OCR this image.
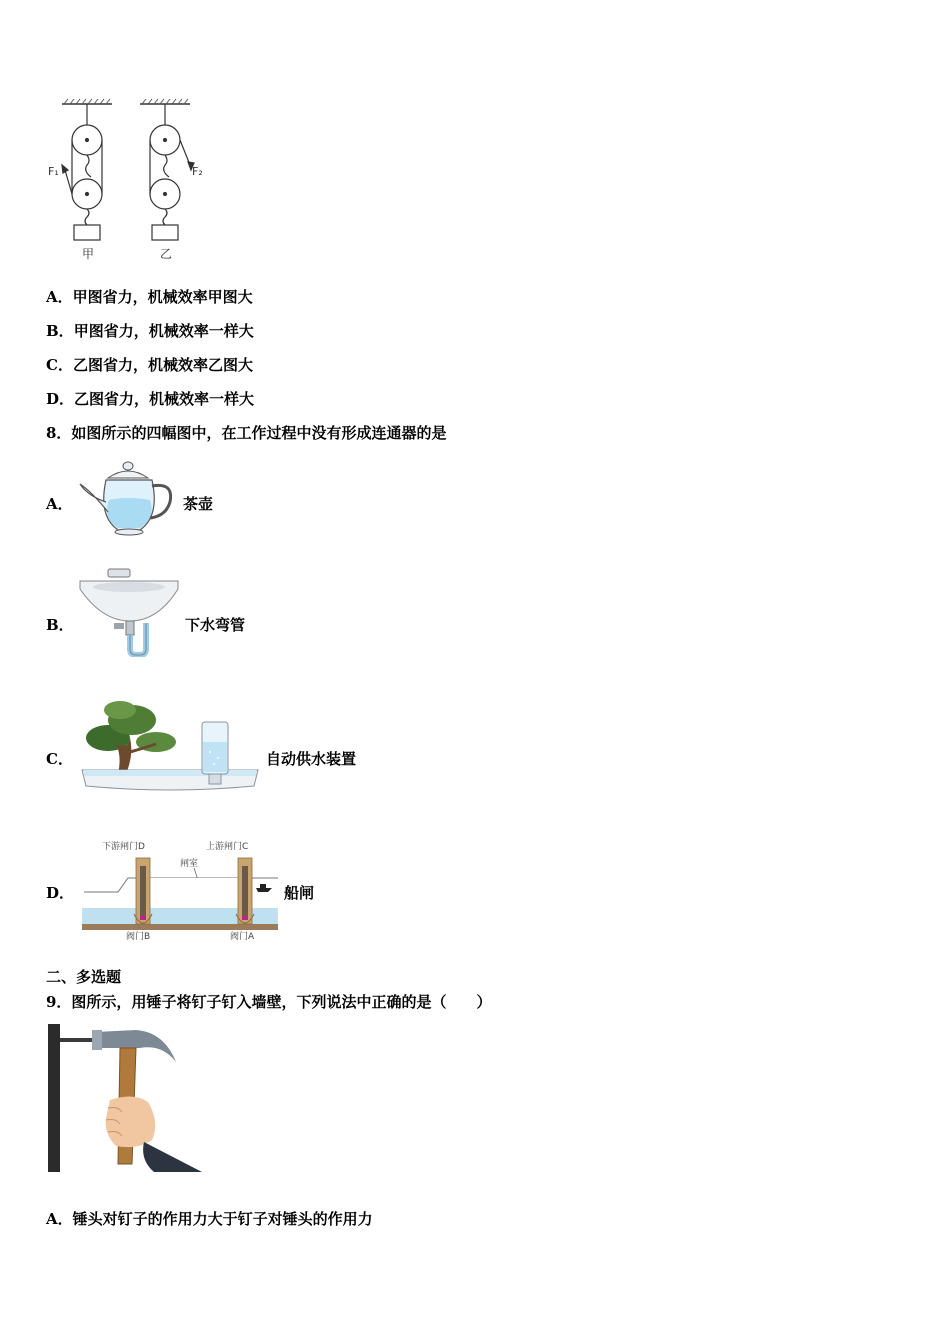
F₁
甲
F₂
乙
A．甲图省力，机械效率甲图大
B．甲图省力，机械效率一样大
C．乙图省力，机械效率乙图大
D．乙图省力，机械效率一样大
8．如图所示的四幅图中，在工作过程中没有形成连通器的是
A．	茶壶
B．	下水弯管
C．	自动供水装置
D．
下游闸门D	上游闸门C
闸室
阀门B	阀门A
船闸
二、多选题
9．图所示，用锤子将钉子钉入墙壁，下列说法中正确的是（　　）
A．锤头对钉子的作用力大于钉子对锤头的作用力
